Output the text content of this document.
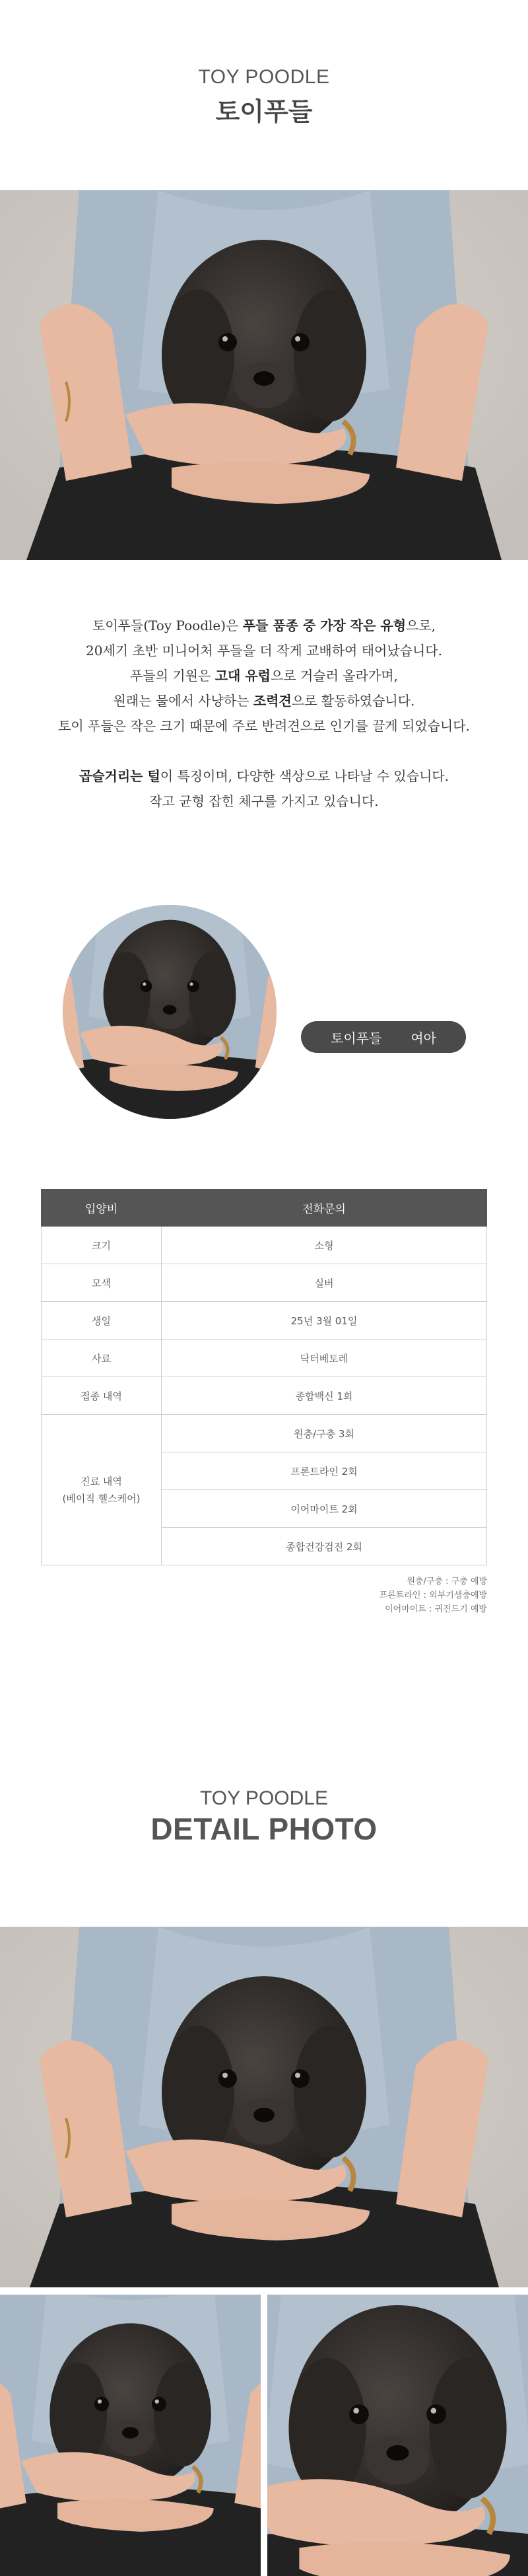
TOY POODLE
토이푸들
토이푸들(Toy Poodle)은 푸들 품종 중 가장 작은 유형으로,
20세기 초반 미니어처 푸들을 더 작게 교배하여 태어났습니다.
푸들의 기원은 고대 유럽으로 거슬러 올라가며,
원래는 물에서 사냥하는 조력견으로 활동하였습니다.
토이 푸들은 작은 크기 때문에 주로 반려견으로 인기를 끌게 되었습니다.
곱슬거리는 털이 특징이며, 다양한 색상으로 나타날 수 있습니다.
작고 균형 잡힌 체구를 가지고 있습니다.
토이푸들 여아
입양비	전화문의
크기	소형
모색	실버
생일	25년 3월 01일
사료	닥터베토레
접종 내역	종합백신 1회

진료 내역
(베이직 헬스케어)	원충/구충 3회
	프론트라인 2회
	이어마이트 2회
	종합건강검진 2회
원충/구충 : 구충 예방
프론트라인 : 외부기생충예방
이어마이트 : 귀진드기 예방
TOY POODLE
DETAIL PHOTO
